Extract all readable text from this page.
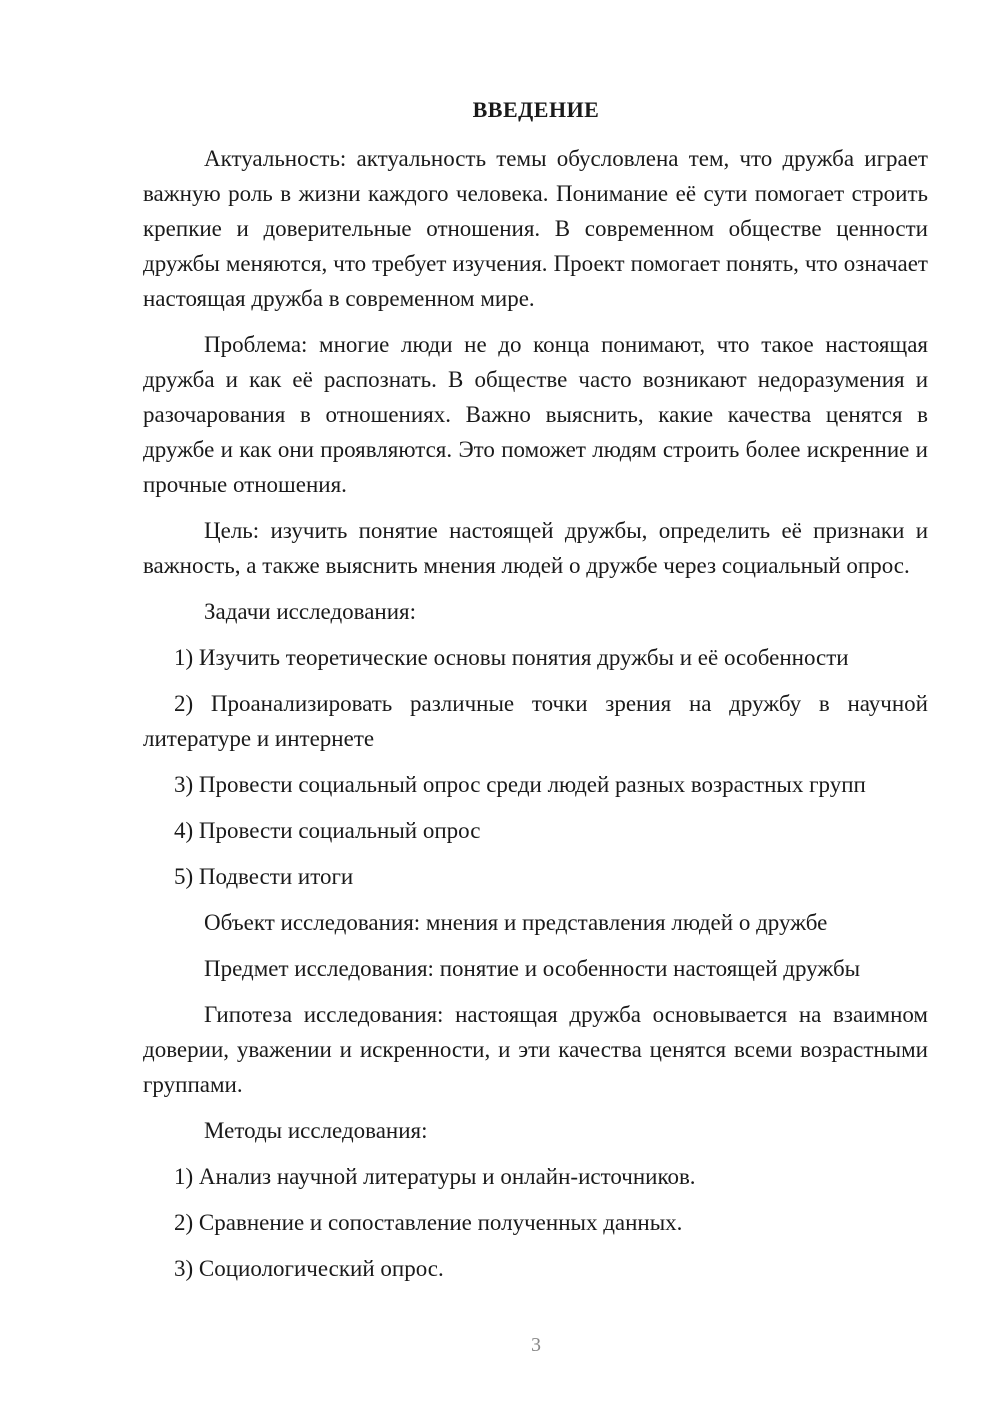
ВВЕДЕНИЕ

Актуальность: актуальность темы обусловлена тем, что дружба играет важную роль в жизни каждого человека. Понимание её сути помогает строить крепкие и доверительные отношения. В современном обществе ценности дружбы меняются, что требует изучения. Проект помогает понять, что означает настоящая дружба в современном мире.

Проблема: многие люди не до конца понимают, что такое настоящая дружба и как её распознать. В обществе часто возникают недоразумения и разочарования в отношениях. Важно выяснить, какие качества ценятся в дружбе и как они проявляются. Это поможет людям строить более искренние и прочные отношения.

Цель: изучить понятие настоящей дружбы, определить её признаки и важность, а также выяснить мнения людей о дружбе через социальный опрос.

Задачи исследования:

1) Изучить теоретические основы понятия дружбы и её особенности

2) Проанализировать различные точки зрения на дружбу в научной литературе и интернете

3) Провести социальный опрос среди людей разных возрастных групп

4) Провести социальный опрос

5) Подвести итоги

Объект исследования: мнения и представления людей о дружбе

Предмет исследования: понятие и особенности настоящей дружбы

Гипотеза исследования: настоящая дружба основывается на взаимном доверии, уважении и искренности, и эти качества ценятся всеми возрастными группами.

Методы исследования:

1) Анализ научной литературы и онлайн-источников.

2) Сравнение и сопоставление полученных данных.

3) Социологический опрос.

3
